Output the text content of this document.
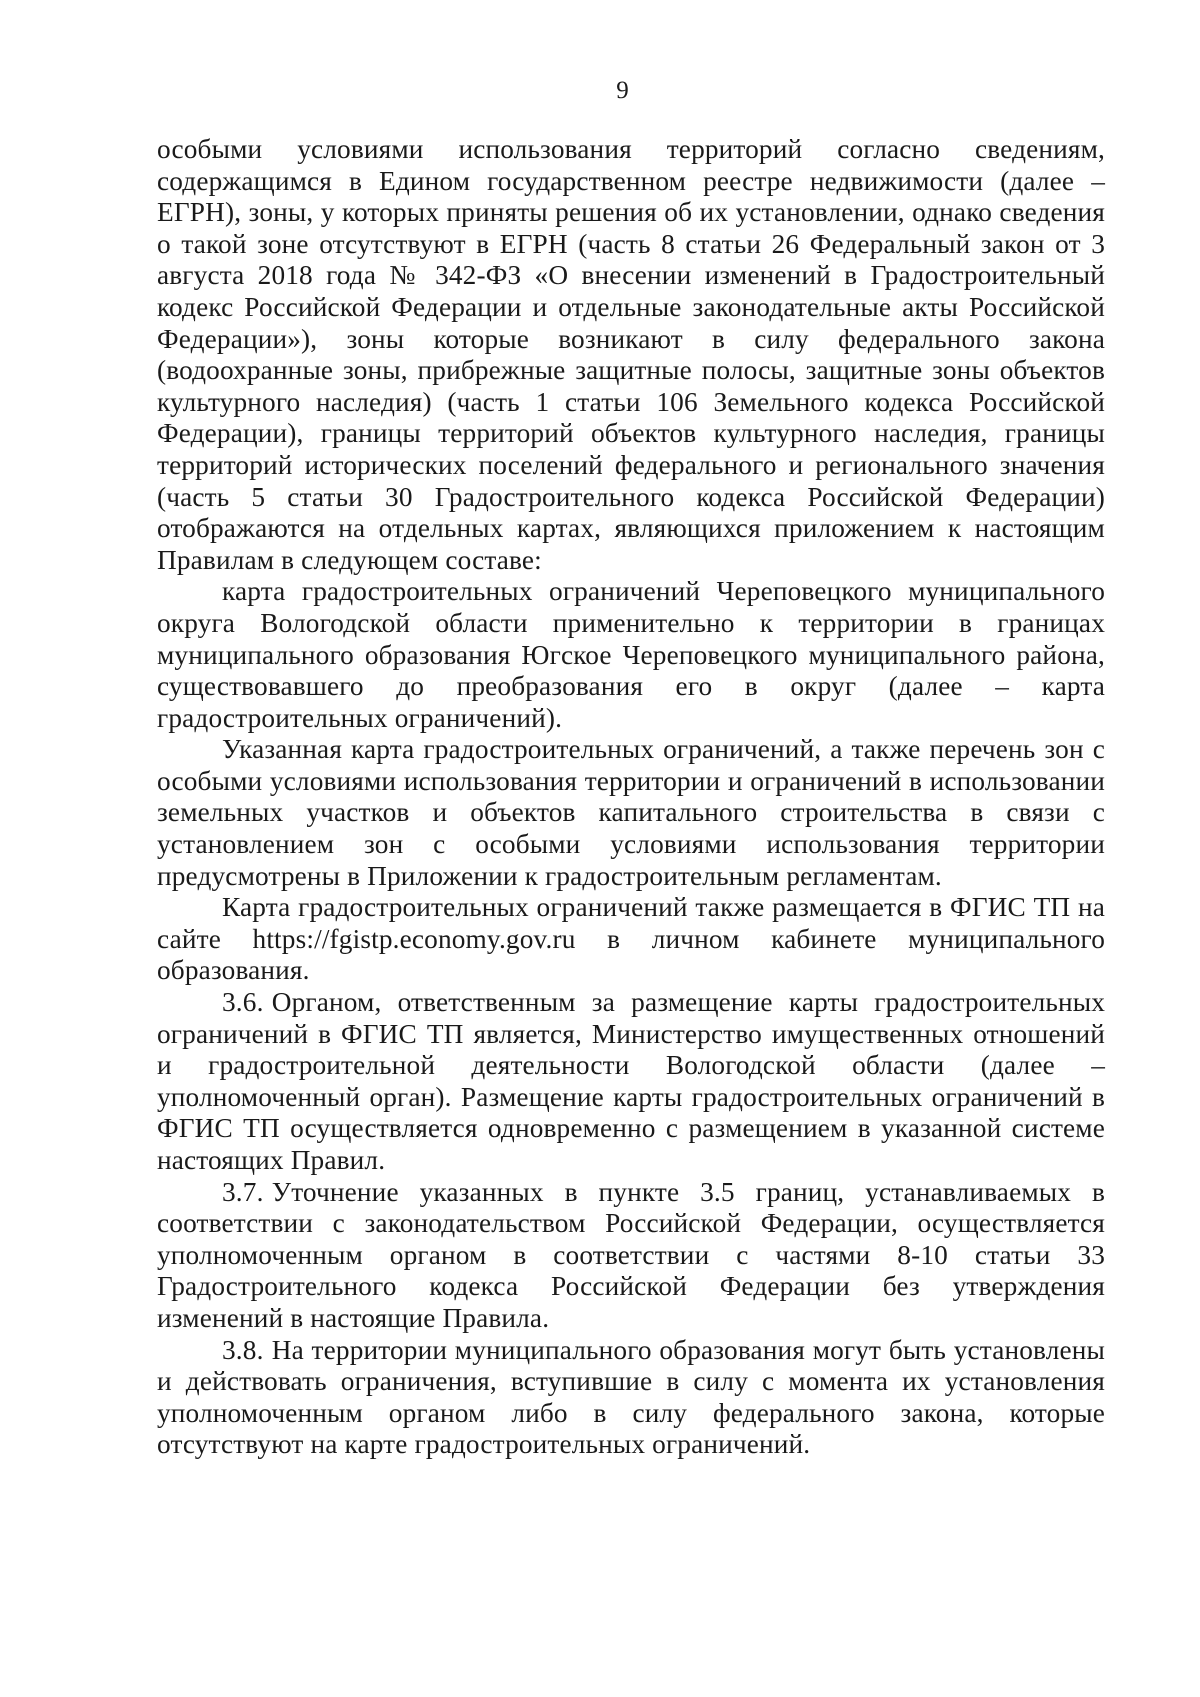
9

особыми условиями использования территорий согласно сведениям, содержащимся в Едином государственном реестре недвижимости (далее – ЕГРН), зоны, у которых приняты решения об их установлении, однако сведения о такой зоне отсутствуют в ЕГРН (часть 8 статьи 26 Федеральный закон от 3 августа 2018 года № 342-ФЗ «О внесении изменений в Градостроительный кодекс Российской Федерации и отдельные законодательные акты Российской Федерации»), зоны которые возникают в силу федерального закона (водоохранные зоны, прибрежные защитные полосы, защитные зоны объектов культурного наследия) (часть 1 статьи 106 Земельного кодекса Российской Федерации), границы территорий объектов культурного наследия, границы территорий исторических поселений федерального и регионального значения (часть 5 статьи 30 Градостроительного кодекса Российской Федерации) отображаются на отдельных картах, являющихся приложением к настоящим Правилам в следующем составе:

карта градостроительных ограничений Череповецкого муниципального округа Вологодской области применительно к территории в границах муниципального образования Югское Череповецкого муниципального района, существовавшего до преобразования его в округ (далее – карта градостроительных ограничений).

Указанная карта градостроительных ограничений, а также перечень зон с особыми условиями использования территории и ограничений в использовании земельных участков и объектов капитального строительства в связи с установлением зон с особыми условиями использования территории предусмотрены в Приложении к градостроительным регламентам.

Карта градостроительных ограничений также размещается в ФГИС ТП на сайте https://fgistp.economy.gov.ru в личном кабинете муниципального образования.

3.6. Органом, ответственным за размещение карты градостроительных ограничений в ФГИС ТП является, Министерство имущественных отношений и градостроительной деятельности Вологодской области (далее – уполномоченный орган). Размещение карты градостроительных ограничений в ФГИС ТП осуществляется одновременно с размещением в указанной системе настоящих Правил.

3.7. Уточнение указанных в пункте 3.5 границ, устанавливаемых в соответствии с законодательством Российской Федерации, осуществляется уполномоченным органом в соответствии с частями 8-10 статьи 33 Градостроительного кодекса Российской Федерации без утверждения изменений в настоящие Правила.

3.8. На территории муниципального образования могут быть установлены и действовать ограничения, вступившие в силу с момента их установления уполномоченным органом либо в силу федерального закона, которые отсутствуют на карте градостроительных ограничений.
